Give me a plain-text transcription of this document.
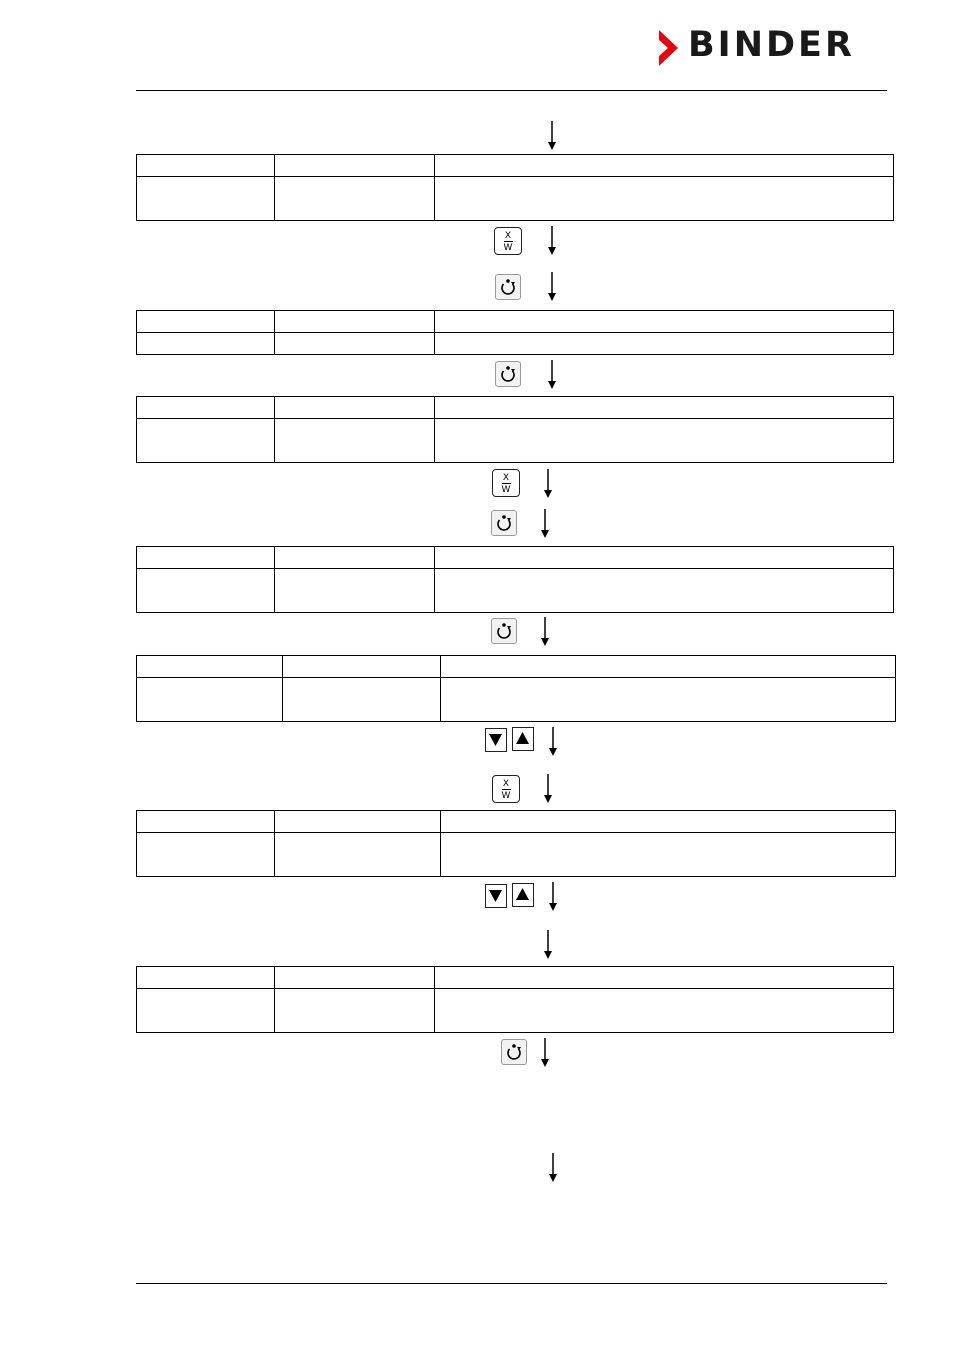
BINDER

X
W

X
W

X
W
